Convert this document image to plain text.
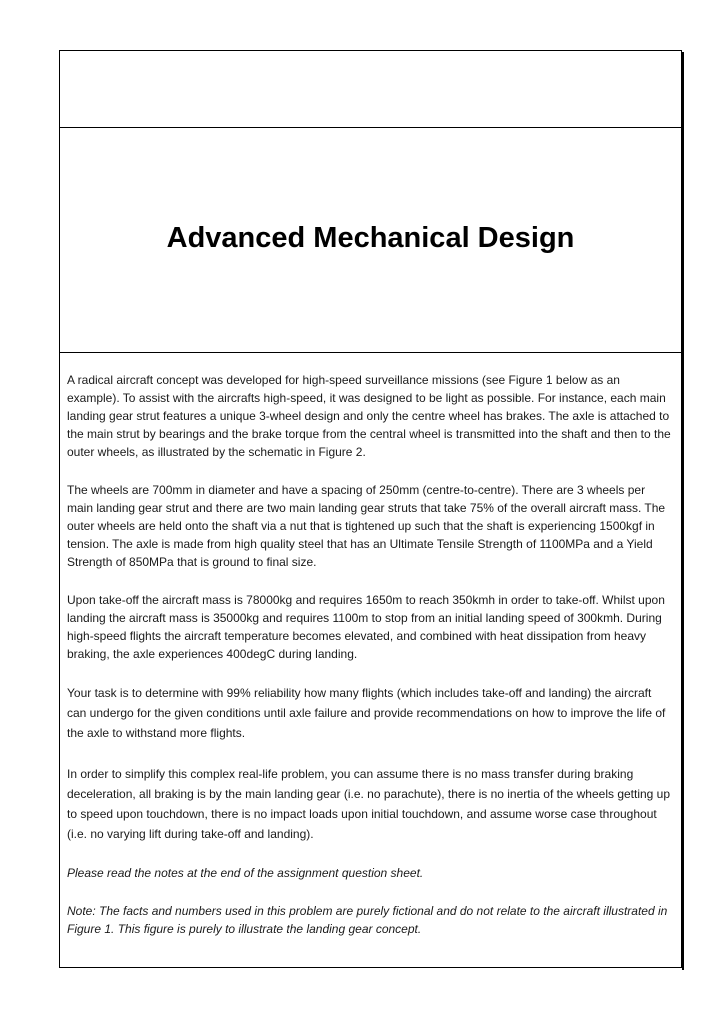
Advanced Mechanical Design

A radical aircraft concept was developed for high-speed surveillance missions (see Figure 1 below as an example). To assist with the aircrafts high-speed, it was designed to be light as possible. For instance, each main landing gear strut features a unique 3-wheel design and only the centre wheel has brakes. The axle is attached to the main strut by bearings and the brake torque from the central wheel is transmitted into the shaft and then to the outer wheels, as illustrated by the schematic in Figure 2.

The wheels are 700mm in diameter and have a spacing of 250mm (centre-to-centre). There are 3 wheels per main landing gear strut and there are two main landing gear struts that take 75% of the overall aircraft mass. The outer wheels are held onto the shaft via a nut that is tightened up such that the shaft is experiencing 1500kgf in tension. The axle is made from high quality steel that has an Ultimate Tensile Strength of 1100MPa and a Yield Strength of 850MPa that is ground to final size.

Upon take-off the aircraft mass is 78000kg and requires 1650m to reach 350kmh in order to take-off. Whilst upon landing the aircraft mass is 35000kg and requires 1100m to stop from an initial landing speed of 300kmh. During high-speed flights the aircraft temperature becomes elevated, and combined with heat dissipation from heavy braking, the axle experiences 400degC during landing.

Your task is to determine with 99% reliability how many flights (which includes take-off and landing) the aircraft can undergo for the given conditions until axle failure and provide recommendations on how to improve the life of the axle to withstand more flights.

In order to simplify this complex real-life problem, you can assume there is no mass transfer during braking deceleration, all braking is by the main landing gear (i.e. no parachute), there is no inertia of the wheels getting up to speed upon touchdown, there is no impact loads upon initial touchdown, and assume worse case throughout (i.e. no varying lift during take-off and landing).

Please read the notes at the end of the assignment question sheet.

Note: The facts and numbers used in this problem are purely fictional and do not relate to the aircraft illustrated in Figure 1. This figure is purely to illustrate the landing gear concept.
